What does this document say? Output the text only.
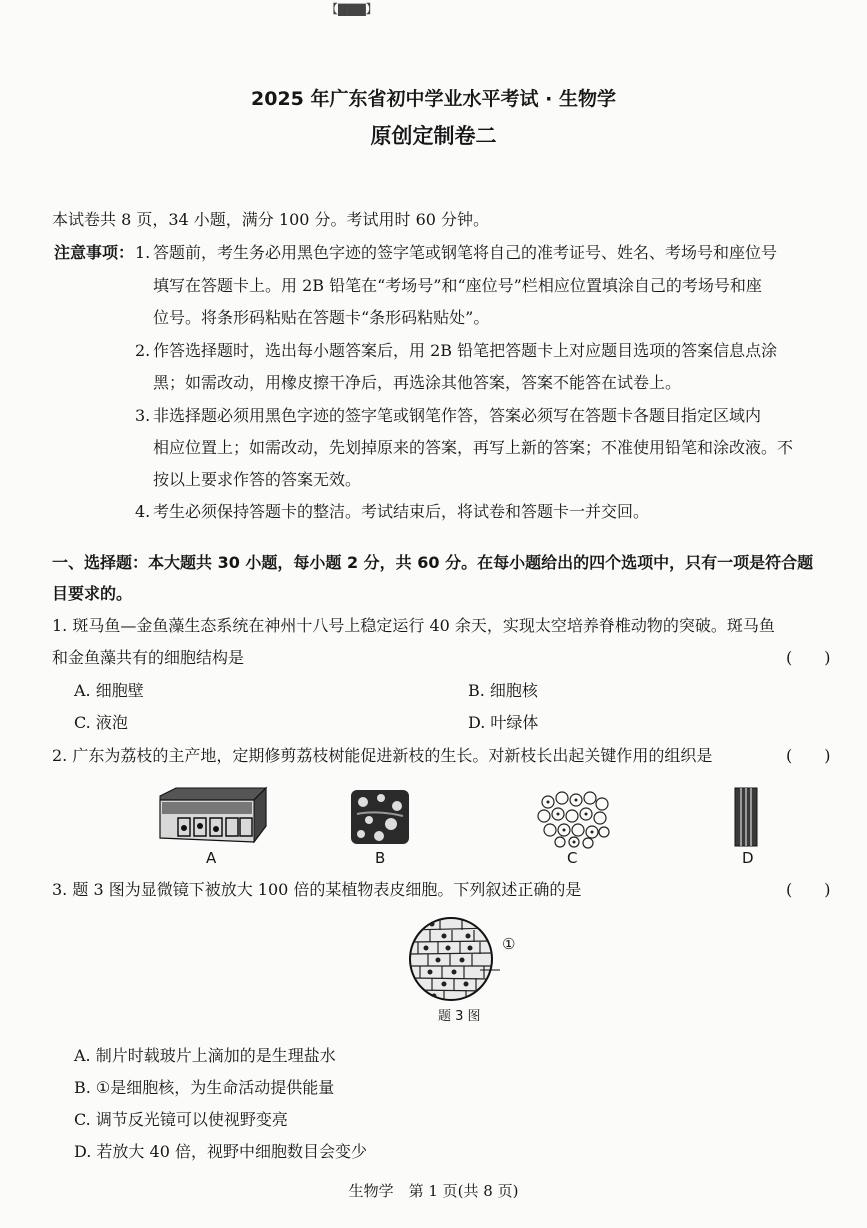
【▇▇▇】
2025 年广东省初中学业水平考试 · 生物学
原创定制卷二
本试卷共 8 页，34 小题，满分 100 分。考试用时 60 分钟。
注意事项： 1. 答题前，考生务必用黑色字迹的签字笔或钢笔将自己的准考证号、姓名、考场号和座位号
填写在答题卡上。用 2B 铅笔在“考场号”和“座位号”栏相应位置填涂自己的考场号和座
位号。将条形码粘贴在答题卡“条形码粘贴处”。
2. 作答选择题时，选出每小题答案后，用 2B 铅笔把答题卡上对应题目选项的答案信息点涂
黑；如需改动，用橡皮擦干净后，再选涂其他答案，答案不能答在试卷上。
3. 非选择题必须用黑色字迹的签字笔或钢笔作答，答案必须写在答题卡各题目指定区域内
相应位置上；如需改动，先划掉原来的答案，再写上新的答案；不准使用铅笔和涂改液。不
按以上要求作答的答案无效。
4. 考生必须保持答题卡的整洁。考试结束后，将试卷和答题卡一并交回。
一、选择题：本大题共 30 小题，每小题 2 分，共 60 分。在每小题给出的四个选项中，只有一项是符合题
目要求的。
1. 斑马鱼—金鱼藻生态系统在神州十八号上稳定运行 40 余天，实现太空培养脊椎动物的突破。斑马鱼
和金鱼藻共有的细胞结构是	(　　)
A. 细胞壁	B. 细胞核
C. 液泡	D. 叶绿体
2. 广东为荔枝的主产地，定期修剪荔枝树能促进新枝的生长。对新枝长出起关键作用的组织是	(　　)
A	B	C	D
3. 题 3 图为显微镜下被放大 100 倍的某植物表皮细胞。下列叙述正确的是	(　　)
①
题 3 图
A. 制片时载玻片上滴加的是生理盐水
B. ①是细胞核，为生命活动提供能量
C. 调节反光镜可以使视野变亮
D. 若放大 40 倍，视野中细胞数目会变少
生物学　第 1 页(共 8 页)
